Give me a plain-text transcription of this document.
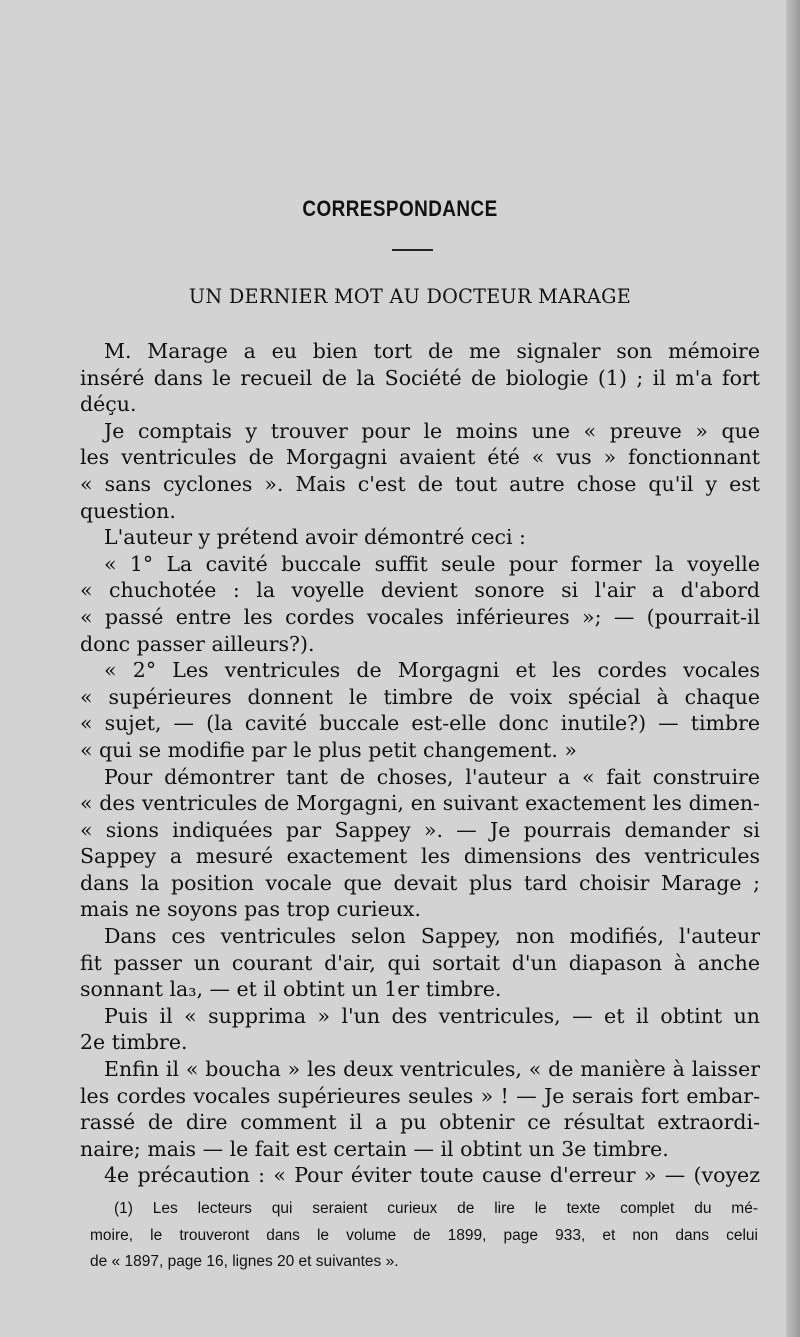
CORRESPONDANCE
UN DERNIER MOT AU DOCTEUR MARAGE
M. Marage a eu bien tort de me signaler son mémoire
inséré dans le recueil de la Société de biologie (1) ; il m'a fort
déçu.
Je comptais y trouver pour le moins une « preuve » que
les ventricules de Morgagni avaient été « vus » fonctionnant
« sans cyclones ». Mais c'est de tout autre chose qu'il y est
question.
L'auteur y prétend avoir démontré ceci :
« 1° La cavité buccale suffit seule pour former la voyelle
« chuchotée : la voyelle devient sonore si l'air a d'abord
« passé entre les cordes vocales inférieures »; — (pourrait-il
donc passer ailleurs?).
« 2° Les ventricules de Morgagni et les cordes vocales
« supérieures donnent le timbre de voix spécial à chaque
« sujet, — (la cavité buccale est-elle donc inutile?) — timbre
« qui se modifie par le plus petit changement. »
Pour démontrer tant de choses, l'auteur a « fait construire
« des ventricules de Morgagni, en suivant exactement les dimen-
« sions indiquées par Sappey ». — Je pourrais demander si
Sappey a mesuré exactement les dimensions des ventricules
dans la position vocale que devait plus tard choisir Marage ;
mais ne soyons pas trop curieux.
Dans ces ventricules selon Sappey, non modifiés, l'auteur
fit passer un courant d'air, qui sortait d'un diapason à anche
sonnant la₃, — et il obtint un 1er timbre.
Puis il « supprima » l'un des ventricules, — et il obtint un
2e timbre.
Enfin il « boucha » les deux ventricules, « de manière à laisser
les cordes vocales supérieures seules » ! — Je serais fort embar-
rassé de dire comment il a pu obtenir ce résultat extraordi-
naire; mais — le fait est certain — il obtint un 3e timbre.
4e précaution : « Pour éviter toute cause d'erreur » — (voyez
(1) Les lecteurs qui seraient curieux de lire le texte complet du mé-
moire, le trouveront dans le volume de 1899, page 933, et non dans celui
de « 1897, page 16, lignes 20 et suivantes ».
